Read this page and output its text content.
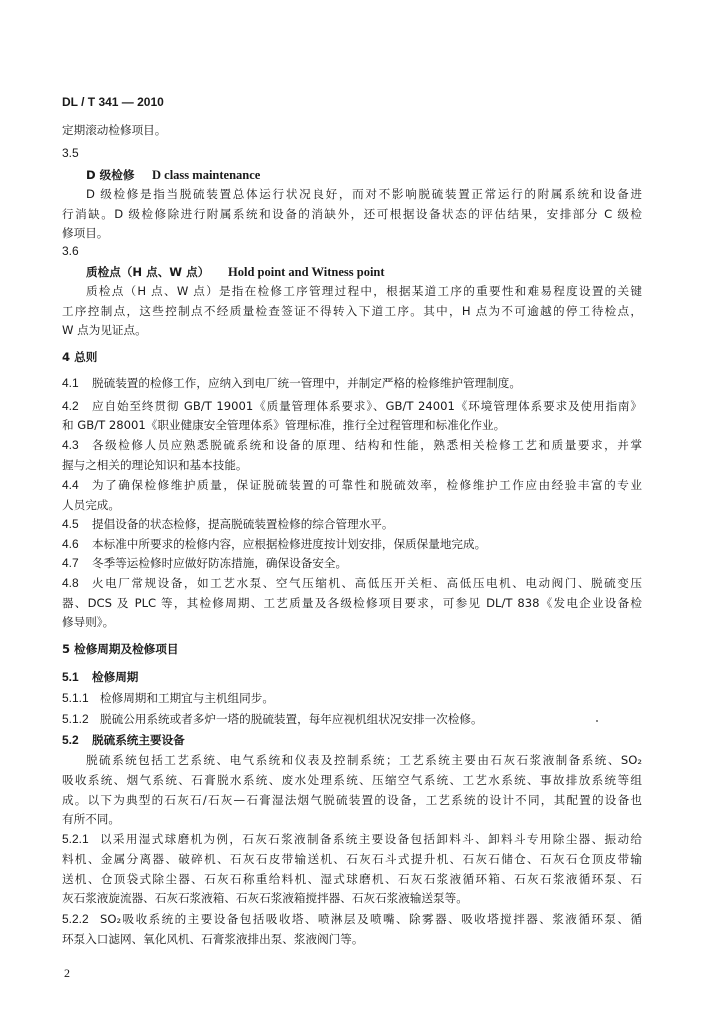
DL / T 341 — 2010
定期滚动检修项目。
3.5
D 级检修 D class maintenance
D 级检修是指当脱硫装置总体运行状况良好，而对不影响脱硫装置正常运行的附属系统和设备进
行消缺。D 级检修除进行附属系统和设备的消缺外，还可根据设备状态的评估结果，安排部分 C 级检
修项目。
3.6
质检点（H 点、W 点） Hold point and Witness point
质检点（H 点、W 点）是指在检修工序管理过程中，根据某道工序的重要性和难易程度设置的关键
工序控制点，这些控制点不经质量检查签证不得转入下道工序。其中，H 点为不可逾越的停工待检点，
W 点为见证点。
4 总则
4.1 脱硫装置的检修工作，应纳入到电厂统一管理中，并制定严格的检修维护管理制度。
4.2 应自始至终贯彻 GB/T 19001《质量管理体系要求》、GB/T 24001《环境管理体系要求及使用指南》
和 GB/T 28001《职业健康安全管理体系》管理标准，推行全过程管理和标准化作业。
4.3 各级检修人员应熟悉脱硫系统和设备的原理、结构和性能，熟悉相关检修工艺和质量要求，并掌
握与之相关的理论知识和基本技能。
4.4 为了确保检修维护质量，保证脱硫装置的可靠性和脱硫效率，检修维护工作应由经验丰富的专业
人员完成。
4.5 提倡设备的状态检修，提高脱硫装置检修的综合管理水平。
4.6 本标准中所要求的检修内容，应根据检修进度按计划安排，保质保量地完成。
4.7 冬季等运检修时应做好防冻措施，确保设备安全。
4.8 火电厂常规设备，如工艺水泵、空气压缩机、高低压开关柜、高低压电机、电动阀门、脱硫变压
器、DCS 及 PLC 等，其检修周期、工艺质量及各级检修项目要求，可参见 DL/T 838《发电企业设备检
修导则》。
5 检修周期及检修项目
5.1 检修周期
5.1.1 检修周期和工期宜与主机组同步。
5.1.2 脱硫公用系统或者多炉一塔的脱硫装置，每年应视机组状况安排一次检修。
5.2 脱硫系统主要设备
脱硫系统包括工艺系统、电气系统和仪表及控制系统；工艺系统主要由石灰石浆液制备系统、SO₂
吸收系统、烟气系统、石膏脱水系统、废水处理系统、压缩空气系统、工艺水系统、事故排放系统等组
成。以下为典型的石灰石/石灰—石膏湿法烟气脱硫装置的设备，工艺系统的设计不同，其配置的设备也
有所不同。
5.2.1 以采用湿式球磨机为例，石灰石浆液制备系统主要设备包括卸料斗、卸料斗专用除尘器、振动给
料机、金属分离器、破碎机、石灰石皮带输送机、石灰石斗式提升机、石灰石储仓、石灰石仓顶皮带输
送机、仓顶袋式除尘器、石灰石称重给料机、湿式球磨机、石灰石浆液循环箱、石灰石浆液循环泵、石
灰石浆液旋流器、石灰石浆液箱、石灰石浆液箱搅拌器、石灰石浆液输送泵等。
5.2.2 SO₂吸收系统的主要设备包括吸收塔、喷淋层及喷嘴、除雾器、吸收塔搅拌器、浆液循环泵、循
环泵入口滤网、氧化风机、石膏浆液排出泵、浆液阀门等。
2
